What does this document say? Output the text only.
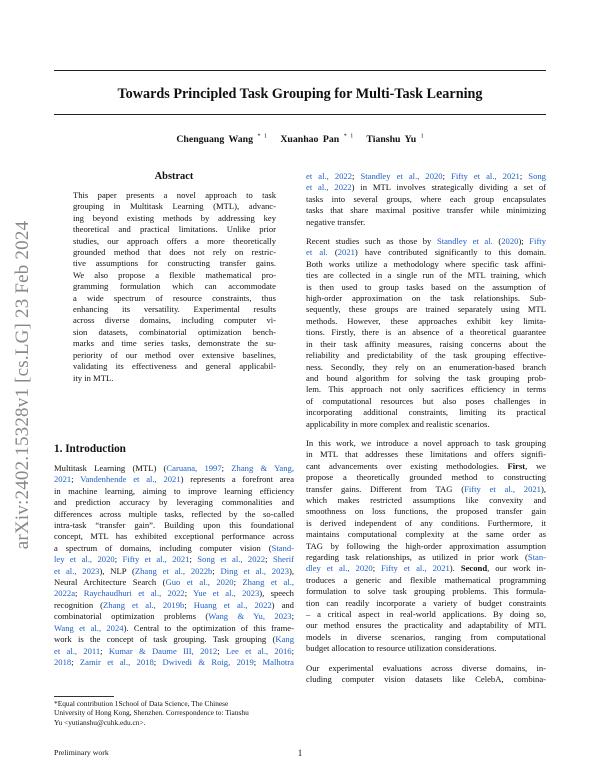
arXiv:2402.15328v1 [cs.LG] 23 Feb 2024
Towards Principled Task Grouping for Multi-Task Learning
Chenguang Wang $^{* 1}$ Xuanhao Pan $^{* 1}$ Tianshu Yu $^1$
Abstract
This paper presents a novel approach to task
grouping in Multitask Learning (MTL), advanc-
ing beyond existing methods by addressing key
theoretical and practical limitations. Unlike prior
studies, our approach offers a more theoretically
grounded method that does not rely on restric-
tive assumptions for constructing transfer gains.
We also propose a flexible mathematical pro-
gramming formulation which can accommodate
a wide spectrum of resource constraints, thus
enhancing its versatility. Experimental results
across diverse domains, including computer vi-
sion datasets, combinatorial optimization bench-
marks and time series tasks, demonstrate the su-
periority of our method over extensive baselines,
validating its effectiveness and general applicabil-
ity in MTL.
1. Introduction
Multitask Learning (MTL) (Caruana, 1997; Zhang & Yang,
2021; Vandenhende et al., 2021) represents a forefront area
in machine learning, aiming to improve learning efficiency
and prediction accuracy by leveraging commonalities and
differences across multiple tasks, reflected by the so-called
intra-task “transfer gain”. Building upon this foundational
concept, MTL has exhibited exceptional performance across
a spectrum of domains, including computer vision (Stand-
ley et al., 2020; Fifty et al., 2021; Song et al., 2022; Sherif
et al., 2023), NLP (Zhang et al., 2022b; Ding et al., 2023),
Neural Architecture Search (Guo et al., 2020; Zhang et al.,
2022a; Raychaudhuri et al., 2022; Yue et al., 2023), speech
recognition (Zhang et al., 2019b; Huang et al., 2022) and
combinatorial optimization problems (Wang & Yu, 2023;
Wang et al., 2024). Central to the optimization of this frame-
work is the concept of task grouping. Task grouping (Kang
et al., 2011; Kumar & Daume III, 2012; Lee et al., 2016;
2018; Zamir et al., 2018; Dwivedi & Roig, 2019; Malhotra
et al., 2022; Standley et al., 2020; Fifty et al., 2021; Song
et al., 2022) in MTL involves strategically dividing a set of
tasks into several groups, where each group encapsulates
tasks that share maximal positive transfer while minimizing
negative transfer.
Recent studies such as those by Standley et al. (2020); Fifty
et al. (2021) have contributed significantly to this domain.
Both works utilize a methodology where specific task affini-
ties are collected in a single run of the MTL training, which
is then used to group tasks based on the assumption of
high-order approximation on the task relationships. Sub-
sequently, these groups are trained separately using MTL
methods. However, these approaches exhibit key limita-
tions. Firstly, there is an absence of a theoretical guarantee
in their task affinity measures, raising concerns about the
reliability and predictability of the task grouping effective-
ness. Secondly, they rely on an enumeration-based branch
and bound algorithm for solving the task grouping prob-
lem. This approach not only sacrifices efficiency in terms
of computational resources but also poses challenges in
incorporating additional constraints, limiting its practical
applicability in more complex and realistic scenarios.
In this work, we introduce a novel approach to task grouping
in MTL that addresses these limitations and offers signifi-
cant advancements over existing methodologies. First, we
propose a theoretically grounded method to constructing
transfer gains. Different from TAG (Fifty et al., 2021),
which makes restricted assumptions like convexity and
smoothness on loss functions, the proposed transfer gain
is derived independent of any conditions. Furthermore, it
maintains computational complexity at the same order as
TAG by following the high-order approximation assumption
regarding task relationships, as utilized in prior work (Stan-
dley et al., 2020; Fifty et al., 2021). Second, our work in-
troduces a generic and flexible mathematical programming
formulation to solve task grouping problems. This formula-
tion can readily incorporate a variety of budget constraints
– a critical aspect in real-world applications. By doing so,
our method ensures the practicality and adaptability of MTL
models in diverse scenarios, ranging from computational
budget allocation to resource utilization considerations.
Our experimental evaluations across diverse domains, in-
cluding computer vision datasets like CelebA, combina-
*Equal contribution 1School of Data Science, The Chinese
University of Hong Kong, Shenzhen. Correspondence to: Tianshu
Yu <yutianshu@cuhk.edu.cn>.
Preliminary work	1
